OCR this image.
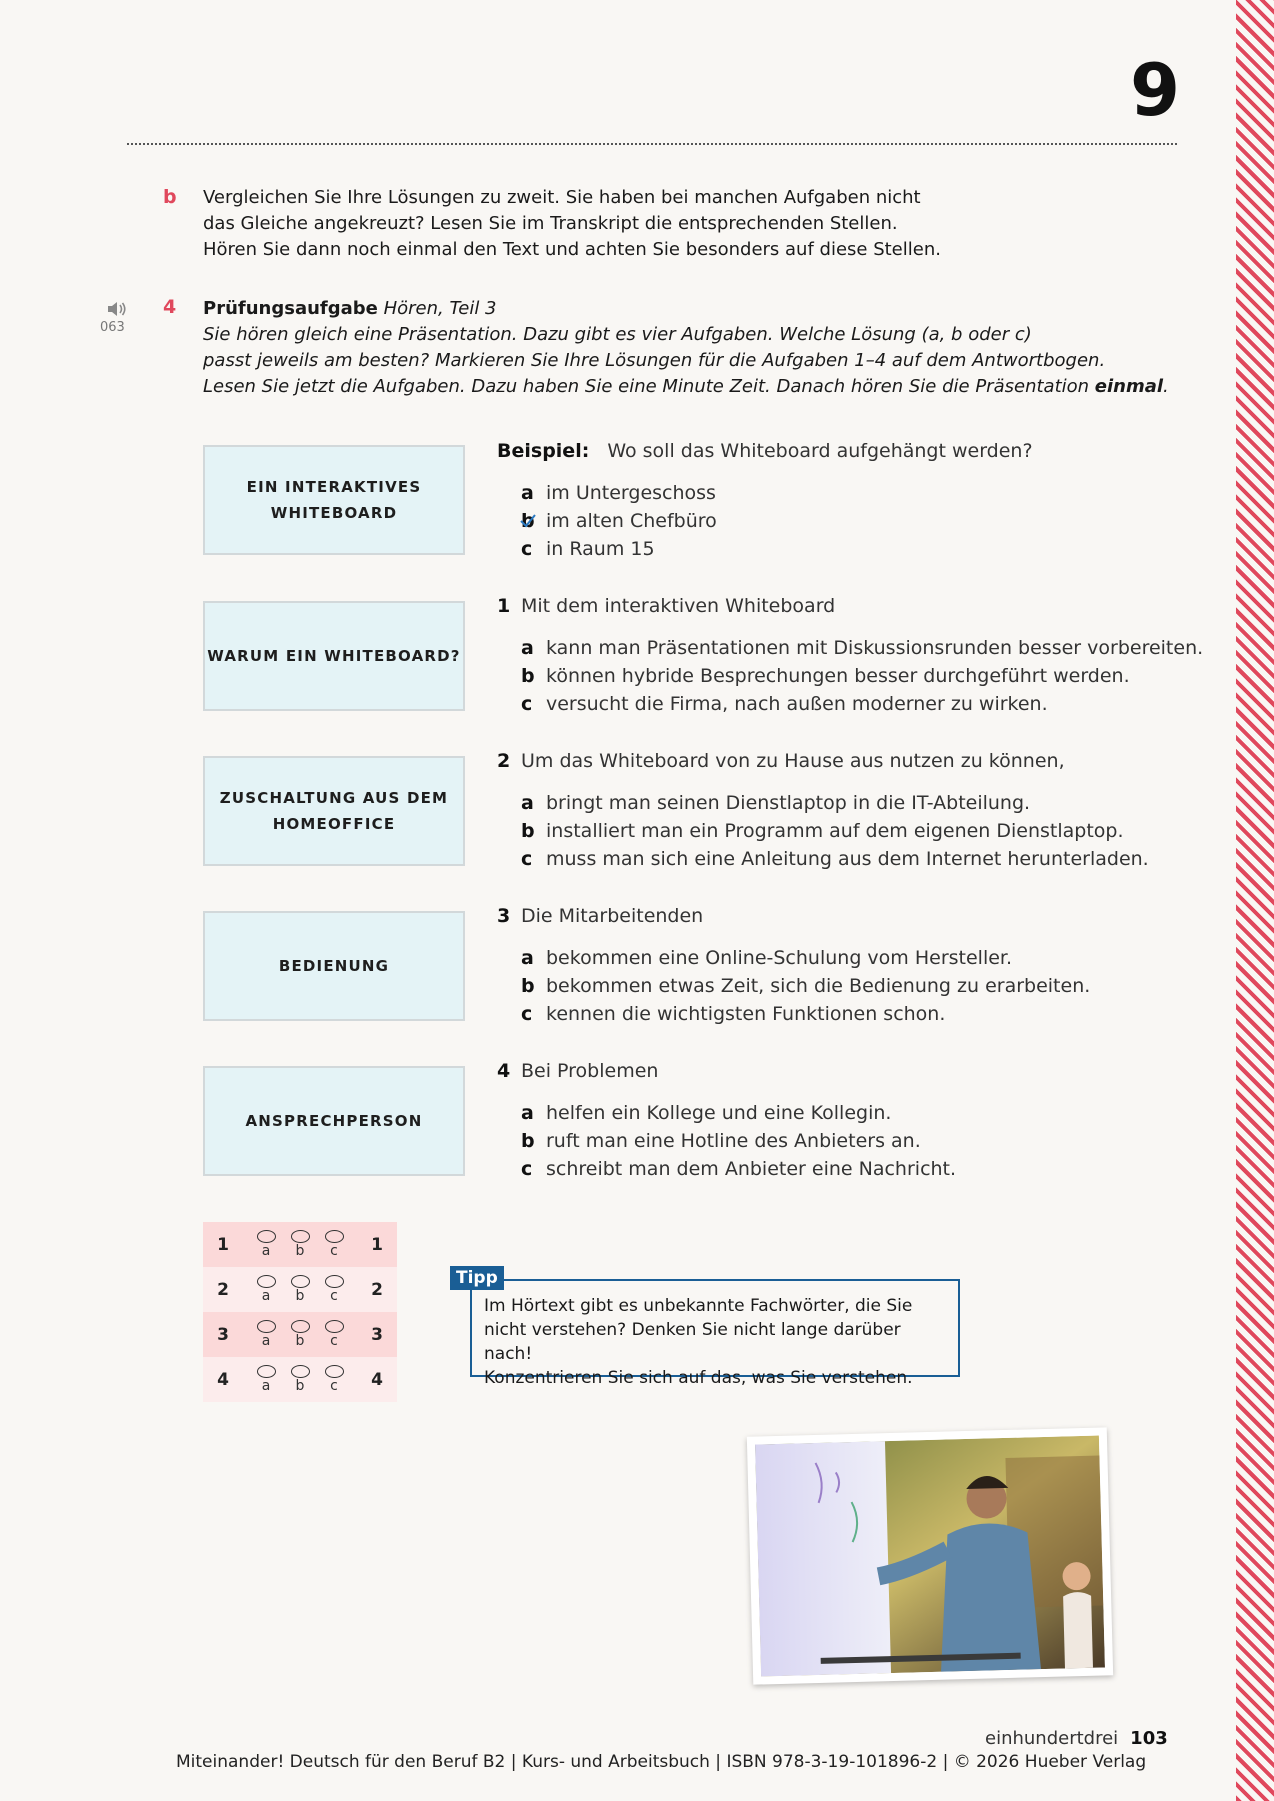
9
b Vergleichen Sie Ihre Lösungen zu zweit. Sie haben bei manchen Aufgaben nicht
das Gleiche angekreuzt? Lesen Sie im Transkript die entsprechenden Stellen.
Hören Sie dann noch einmal den Text und achten Sie besonders auf diese Stellen.
063
4 Prüfungsaufgabe Hören, Teil 3
Sie hören gleich eine Präsentation. Dazu gibt es vier Aufgaben. Welche Lösung (a, b oder c)
passt jeweils am besten? Markieren Sie Ihre Lösungen für die Aufgaben 1–4 auf dem Antwortbogen.
Lesen Sie jetzt die Aufgaben. Dazu haben Sie eine Minute Zeit. Danach hören Sie die Präsentation einmal.
EIN INTERAKTIVES
WHITEBOARD
WARUM EIN WHITEBOARD?
ZUSCHALTUNG AUS DEM
HOMEOFFICE
BEDIENUNG
ANSPRECHPERSON
Beispiel: Wo soll das Whiteboard aufgehängt werden?
a im Untergeschoss
b im alten Chefbüro
c in Raum 15
1 Mit dem interaktiven Whiteboard
a kann man Präsentationen mit Diskussionsrunden besser vorbereiten.
b können hybride Besprechungen besser durchgeführt werden.
c versucht die Firma, nach außen moderner zu wirken.
2 Um das Whiteboard von zu Hause aus nutzen zu können,
a bringt man seinen Dienstlaptop in die IT-Abteilung.
b installiert man ein Programm auf dem eigenen Dienstlaptop.
c muss man sich eine Anleitung aus dem Internet herunterladen.
3 Die Mitarbeitenden
a bekommen eine Online-Schulung vom Hersteller.
b bekommen etwas Zeit, sich die Bedienung zu erarbeiten.
c kennen die wichtigsten Funktionen schon.
4 Bei Problemen
a helfen ein Kollege und eine Kollegin.
b ruft man eine Hotline des Anbieters an.
c schreibt man dem Anbieter eine Nachricht.
1	a b c	1
2	a b c	2
3	a b c	3
4	a b c	4
Im Hörtext gibt es unbekannte Fachwörter, die Sie
nicht verstehen? Denken Sie nicht lange darüber nach!
Konzentrieren Sie sich auf das, was Sie verstehen.
Tipp
einhundertdrei 103
Miteinander! Deutsch für den Beruf B2 | Kurs- und Arbeitsbuch | ISBN 978-3-19-101896-2 | © 2026 Hueber Verlag
